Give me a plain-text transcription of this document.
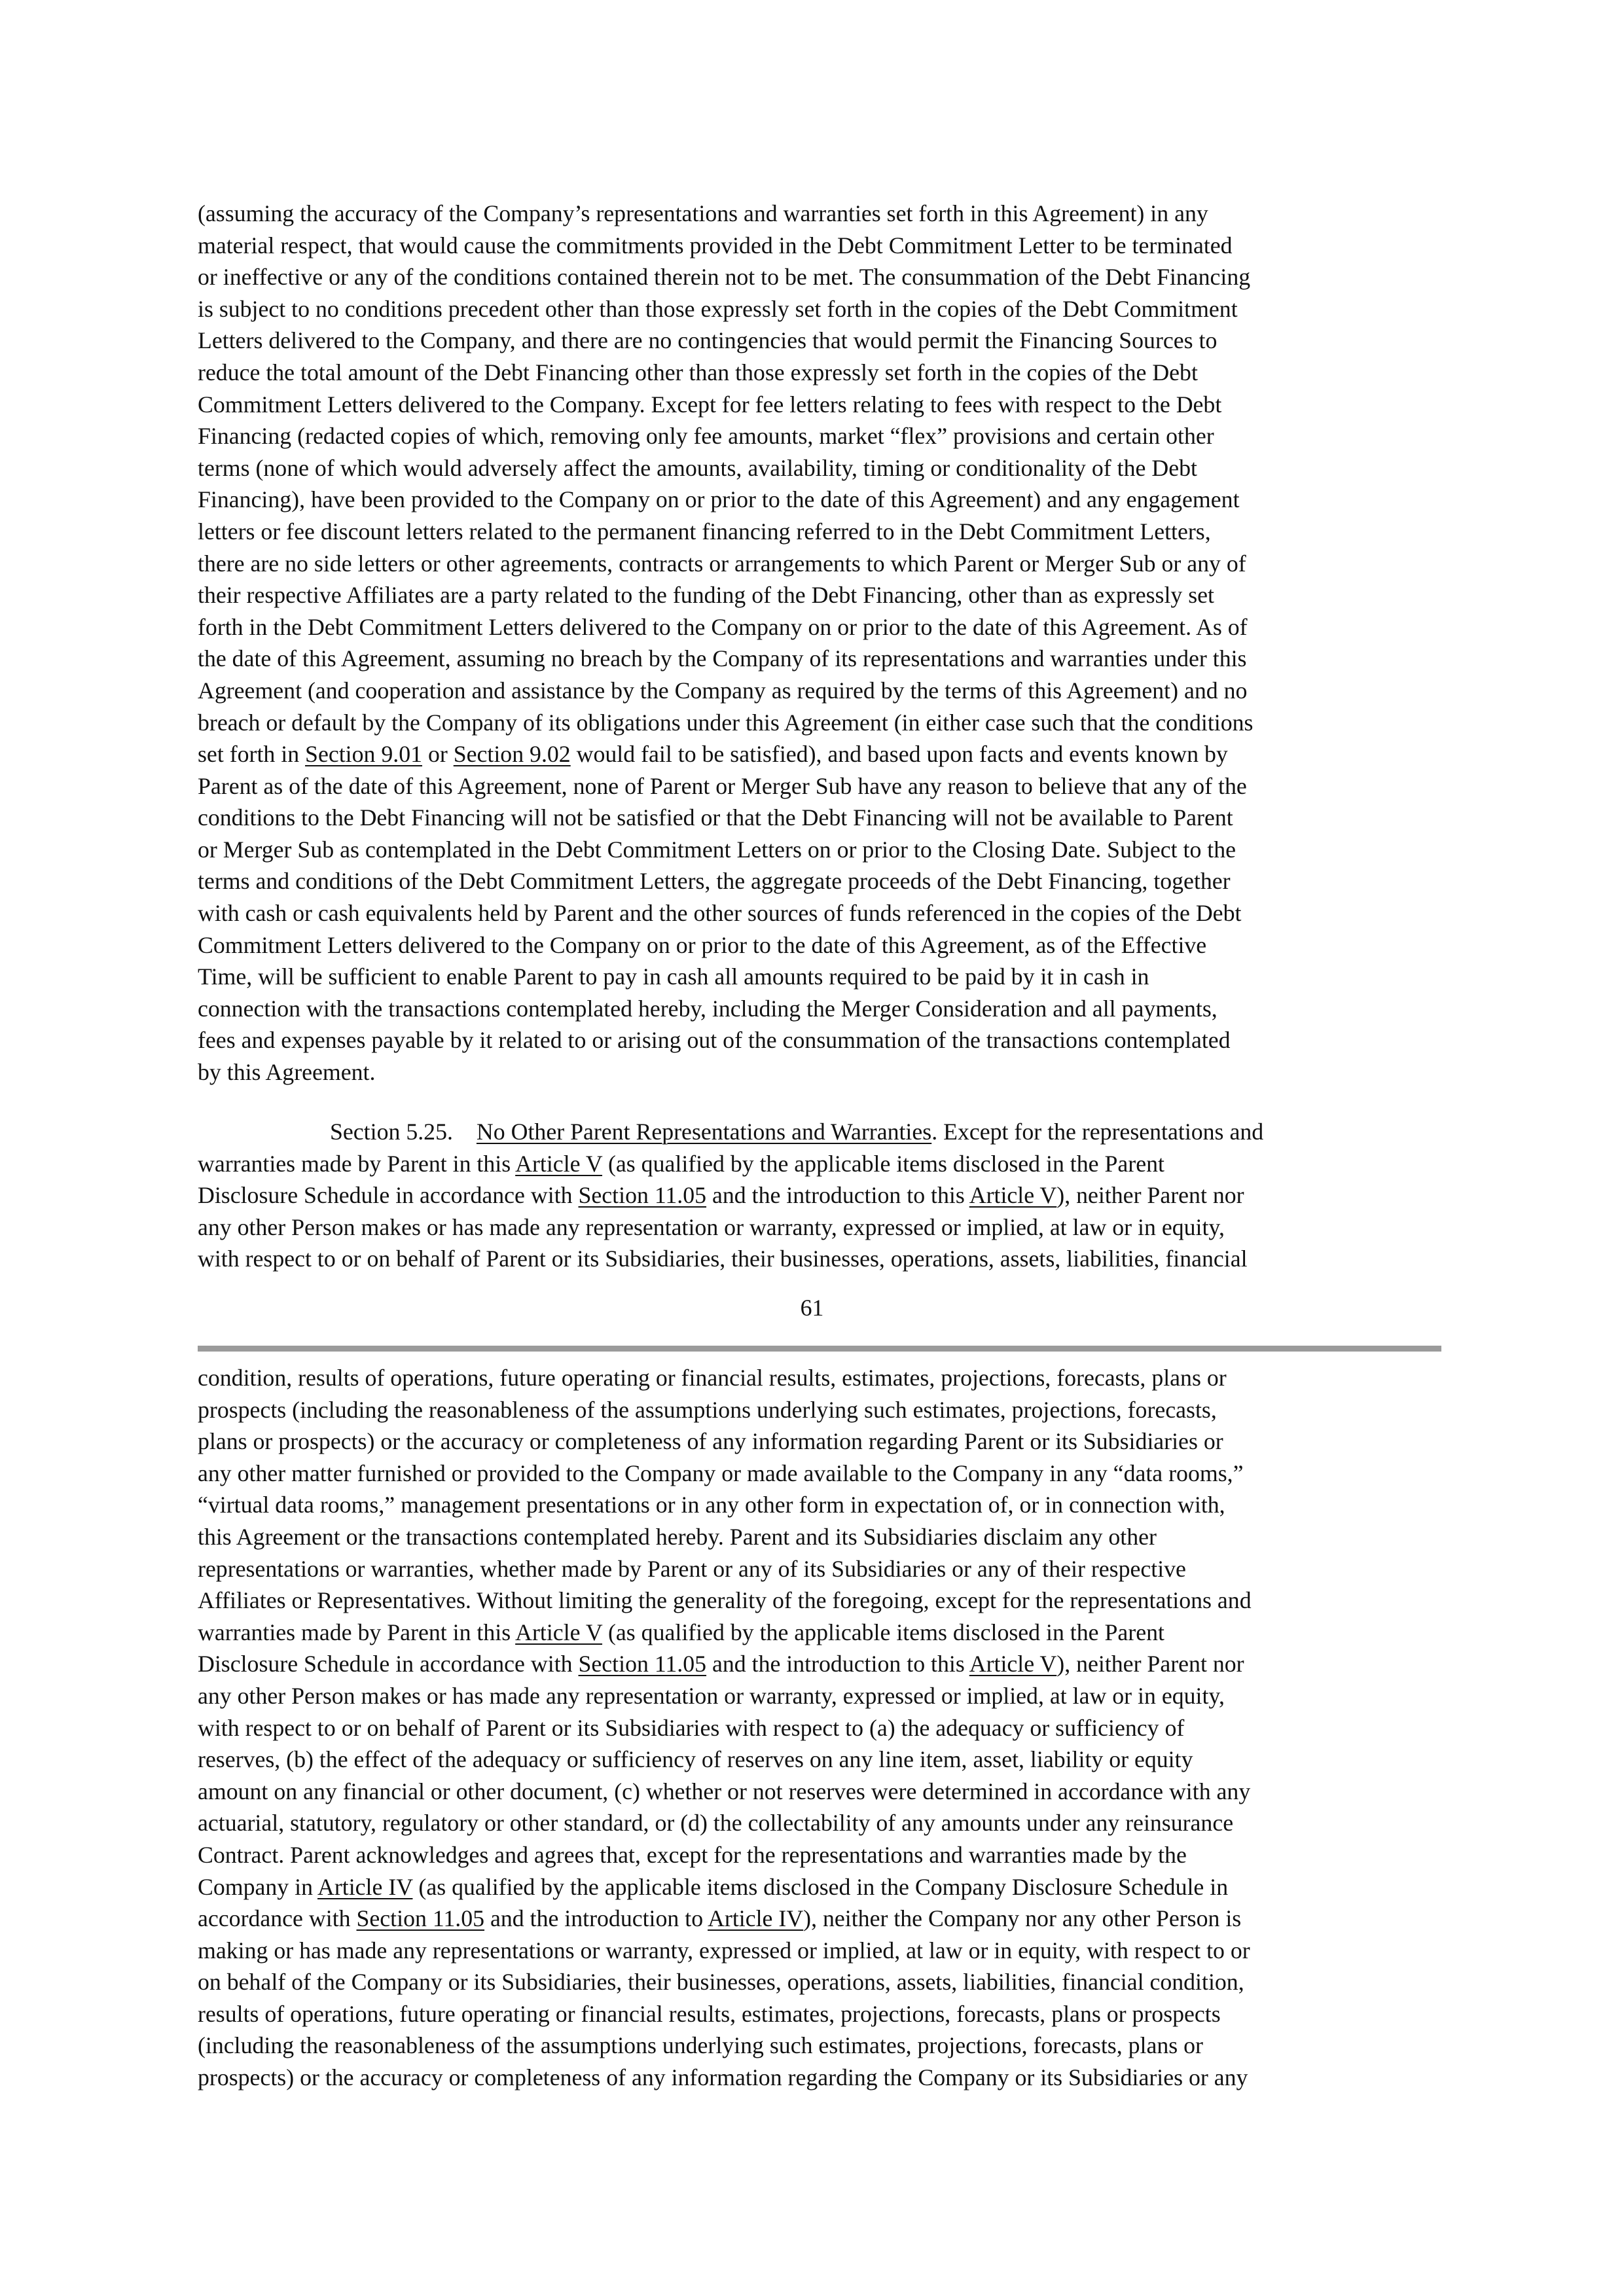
(assuming the accuracy of the Company’s representations and warranties set forth in this Agreement) in any
material respect, that would cause the commitments provided in the Debt Commitment Letter to be terminated
or ineffective or any of the conditions contained therein not to be met. The consummation of the Debt Financing
is subject to no conditions precedent other than those expressly set forth in the copies of the Debt Commitment
Letters delivered to the Company, and there are no contingencies that would permit the Financing Sources to
reduce the total amount of the Debt Financing other than those expressly set forth in the copies of the Debt
Commitment Letters delivered to the Company. Except for fee letters relating to fees with respect to the Debt
Financing (redacted copies of which, removing only fee amounts, market “flex” provisions and certain other
terms (none of which would adversely affect the amounts, availability, timing or conditionality of the Debt
Financing), have been provided to the Company on or prior to the date of this Agreement) and any engagement
letters or fee discount letters related to the permanent financing referred to in the Debt Commitment Letters,
there are no side letters or other agreements, contracts or arrangements to which Parent or Merger Sub or any of
their respective Affiliates are a party related to the funding of the Debt Financing, other than as expressly set
forth in the Debt Commitment Letters delivered to the Company on or prior to the date of this Agreement. As of
the date of this Agreement, assuming no breach by the Company of its representations and warranties under this
Agreement (and cooperation and assistance by the Company as required by the terms of this Agreement) and no
breach or default by the Company of its obligations under this Agreement (in either case such that the conditions
set forth in Section 9.01 or Section 9.02 would fail to be satisfied), and based upon facts and events known by
Parent as of the date of this Agreement, none of Parent or Merger Sub have any reason to believe that any of the
conditions to the Debt Financing will not be satisfied or that the Debt Financing will not be available to Parent
or Merger Sub as contemplated in the Debt Commitment Letters on or prior to the Closing Date. Subject to the
terms and conditions of the Debt Commitment Letters, the aggregate proceeds of the Debt Financing, together
with cash or cash equivalents held by Parent and the other sources of funds referenced in the copies of the Debt
Commitment Letters delivered to the Company on or prior to the date of this Agreement, as of the Effective
Time, will be sufficient to enable Parent to pay in cash all amounts required to be paid by it in cash in
connection with the transactions contemplated hereby, including the Merger Consideration and all payments,
fees and expenses payable by it related to or arising out of the consummation of the transactions contemplated
by this Agreement.
Section 5.25. No Other Parent Representations and Warranties. Except for the representations and
warranties made by Parent in this Article V (as qualified by the applicable items disclosed in the Parent
Disclosure Schedule in accordance with Section 11.05 and the introduction to this Article V), neither Parent nor
any other Person makes or has made any representation or warranty, expressed or implied, at law or in equity,
with respect to or on behalf of Parent or its Subsidiaries, their businesses, operations, assets, liabilities, financial
61
condition, results of operations, future operating or financial results, estimates, projections, forecasts, plans or
prospects (including the reasonableness of the assumptions underlying such estimates, projections, forecasts,
plans or prospects) or the accuracy or completeness of any information regarding Parent or its Subsidiaries or
any other matter furnished or provided to the Company or made available to the Company in any “data rooms,”
“virtual data rooms,” management presentations or in any other form in expectation of, or in connection with,
this Agreement or the transactions contemplated hereby. Parent and its Subsidiaries disclaim any other
representations or warranties, whether made by Parent or any of its Subsidiaries or any of their respective
Affiliates or Representatives. Without limiting the generality of the foregoing, except for the representations and
warranties made by Parent in this Article V (as qualified by the applicable items disclosed in the Parent
Disclosure Schedule in accordance with Section 11.05 and the introduction to this Article V), neither Parent nor
any other Person makes or has made any representation or warranty, expressed or implied, at law or in equity,
with respect to or on behalf of Parent or its Subsidiaries with respect to (a) the adequacy or sufficiency of
reserves, (b) the effect of the adequacy or sufficiency of reserves on any line item, asset, liability or equity
amount on any financial or other document, (c) whether or not reserves were determined in accordance with any
actuarial, statutory, regulatory or other standard, or (d) the collectability of any amounts under any reinsurance
Contract. Parent acknowledges and agrees that, except for the representations and warranties made by the
Company in Article IV (as qualified by the applicable items disclosed in the Company Disclosure Schedule in
accordance with Section 11.05 and the introduction to Article IV), neither the Company nor any other Person is
making or has made any representations or warranty, expressed or implied, at law or in equity, with respect to or
on behalf of the Company or its Subsidiaries, their businesses, operations, assets, liabilities, financial condition,
results of operations, future operating or financial results, estimates, projections, forecasts, plans or prospects
(including the reasonableness of the assumptions underlying such estimates, projections, forecasts, plans or
prospects) or the accuracy or completeness of any information regarding the Company or its Subsidiaries or any
